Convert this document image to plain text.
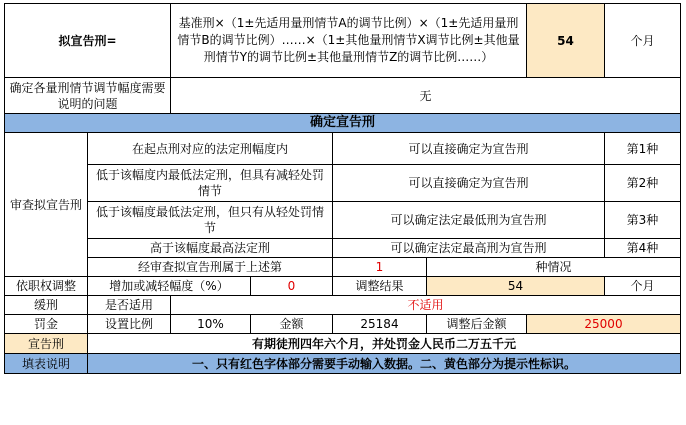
拟宣告刑=		基准刑×（1±先适用量刑情节A的调节比例）×（1±先适用量刑情节B的调节比例）……×（1±其他量刑情节X调节比例±其他量刑情节Y的调节比例±其他量刑情节Z的调节比例……）				54	个月
确定各量刑情节调节幅度需要说明的问题		无					
确定宣告刑							
审查拟宣告刑	在起点刑对应的法定刑幅度内			可以直接确定为宣告刑			第1种
	低于该幅度内最低法定刑，但具有减轻处罚情节			可以直接确定为宣告刑			第2种
	低于该幅度最低法定刑，但只有从轻处罚情节			可以确定法定最低刑为宣告刑			第3种
	高于该幅度最高法定刑			可以确定法定最高刑为宣告刑			第4种
	经审查拟宣告刑属于上述第			1	种情况		
依职权调整	增加或减轻幅度（%）		0	调整结果	54		个月
缓刑	是否适用	不适用					
罚金	设置比例	10%	金额	25184	调整后金额	25000	
宣告刑	有期徒刑四年六个月，并处罚金人民币二万五千元						
填表说明	一、只有红色字体部分需要手动输入数据。二、黄色部分为提示性标识。						
